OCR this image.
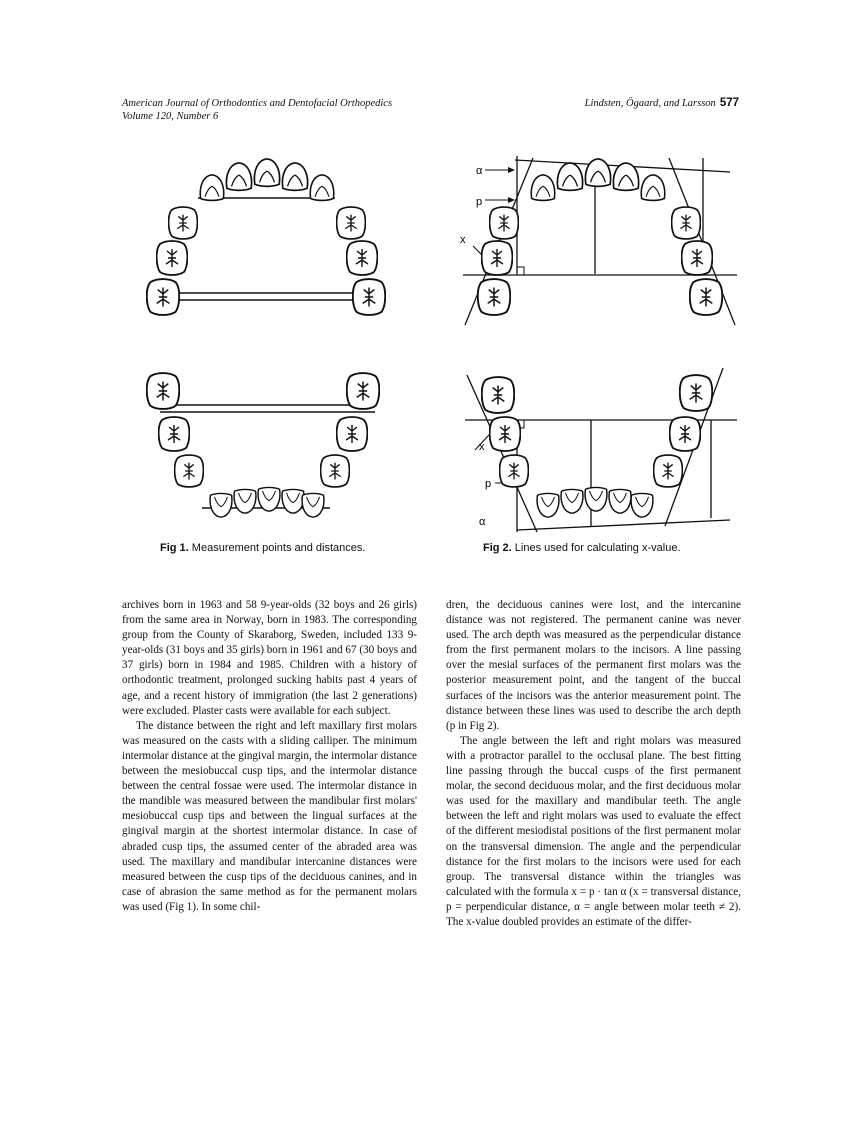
American Journal of Orthodontics and Dentofacial Orthopedics
Volume 120, Number 6
Lindsten, Ögaard, and Larsson 577
Fig 1. Measurement points and distances.
α
p
x
x
p
α
Fig 2. Lines used for calculating x-value.

archives born in 1963 and 58 9-year-olds (32 boys and 26 girls) from the same area in Norway, born in 1983. The corresponding group from the County of Skaraborg, Sweden, included 133 9-year-olds (31 boys and 35 girls) born in 1961 and 67 (30 boys and 37 girls) born in 1984 and 1985. Children with a history of orthodontic treatment, prolonged sucking habits past 4 years of age, and a recent history of immigration (the last 2 generations) were excluded. Plaster casts were available for each subject.

The distance between the right and left maxillary first molars was measured on the casts with a sliding calliper. The minimum intermolar distance at the gingival margin, the intermolar distance between the mesiobuccal cusp tips, and the intermolar distance between the central fossae were used. The intermolar distance in the mandible was measured between the mandibular first molars' mesiobuccal cusp tips and between the lingual surfaces at the gingival margin at the shortest intermolar distance. In case of abraded cusp tips, the assumed center of the abraded area was used. The maxillary and mandibular intercanine distances were measured between the cusp tips of the deciduous canines, and in case of abrasion the same method as for the permanent molars was used (Fig 1). In some chil-

dren, the deciduous canines were lost, and the intercanine distance was not registered. The permanent canine was never used. The arch depth was measured as the perpendicular distance from the first permanent molars to the incisors. A line passing over the mesial surfaces of the permanent first molars was the posterior measurement point, and the tangent of the buccal surfaces of the incisors was the anterior measurement point. The distance between these lines was used to describe the arch depth (p in Fig 2).

The angle between the left and right molars was measured with a protractor parallel to the occlusal plane. The best fitting line passing through the buccal cusps of the first permanent molar, the second deciduous molar, and the first deciduous molar was used for the maxillary and mandibular teeth. The angle between the left and right molars was used to evaluate the effect of the different mesiodistal positions of the first permanent molar on the transversal dimension. The angle and the perpendicular distance for the first molars to the incisors were used for each group. The transversal distance within the triangles was calculated with the formula x = p · tan α (x = transversal distance, p = perpendicular distance, α = angle between molar teeth ≠ 2). The x-value doubled provides an estimate of the differ-
